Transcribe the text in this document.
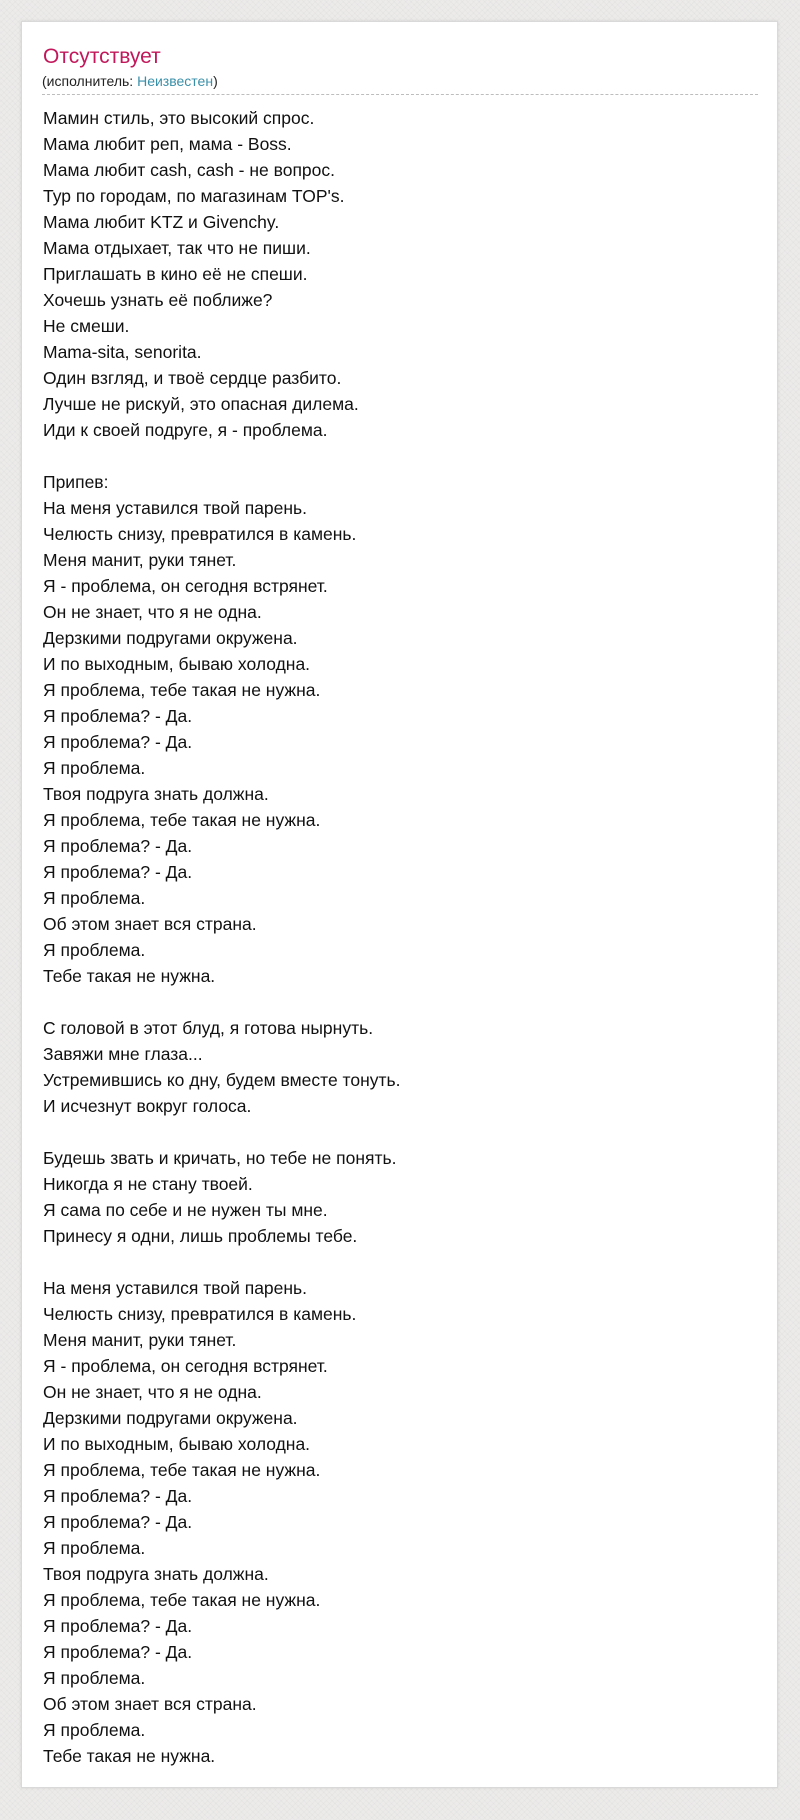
Отсутствует
(исполнитель: Неизвестен)
Мамин стиль, это высокий спрос.
Мама любит реп, мама - Boss.
Мама любит cash, cash - не вопрос.
Тур по городам, по магазинам TOP's.
Мама любит KTZ и Givenchy.
Мама отдыхает, так что не пиши.
Приглашать в кино её не спеши.
Хочешь узнать её поближе?
Не смеши.
Mama-sita, senorita.
Один взгляд, и твоё сердце разбито.
Лучше не рискуй, это опасная дилема.
Иди к своей подруге, я - проблема.
Припев:
На меня уставился твой парень.
Челюсть снизу, превратился в камень.
Меня манит, руки тянет.
Я - проблема, он сегодня встрянет.
Он не знает, что я не одна.
Дерзкими подругами окружена.
И по выходным, бываю холодна.
Я проблема, тебе такая не нужна.
Я проблема? - Да.
Я проблема? - Да.
Я проблема.
Твоя подруга знать должна.
Я проблема, тебе такая не нужна.
Я проблема? - Да.
Я проблема? - Да.
Я проблема.
Об этом знает вся страна.
Я проблема.
Тебе такая не нужна.
С головой в этот блуд, я готова нырнуть.
Завяжи мне глаза...
Устремившись ко дну, будем вместе тонуть.
И исчезнут вокруг голоса.
Будешь звать и кричать, но тебе не понять.
Никогда я не стану твоей.
Я сама по себе и не нужен ты мне.
Принесу я одни, лишь проблемы тебе.
На меня уставился твой парень.
Челюсть снизу, превратился в камень.
Меня манит, руки тянет.
Я - проблема, он сегодня встрянет.
Он не знает, что я не одна.
Дерзкими подругами окружена.
И по выходным, бываю холодна.
Я проблема, тебе такая не нужна.
Я проблема? - Да.
Я проблема? - Да.
Я проблема.
Твоя подруга знать должна.
Я проблема, тебе такая не нужна.
Я проблема? - Да.
Я проблема? - Да.
Я проблема.
Об этом знает вся страна.
Я проблема.
Тебе такая не нужна.
